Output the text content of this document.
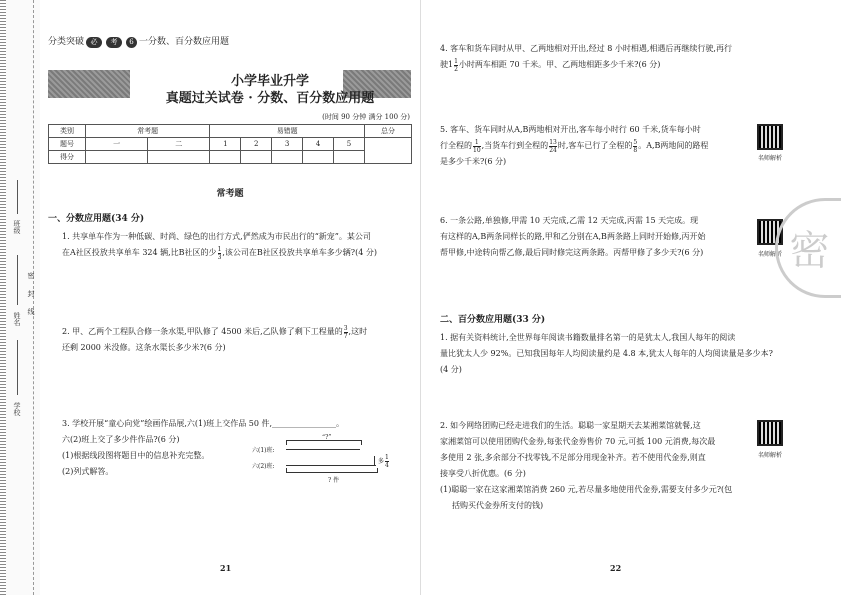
班级
姓名
学校
密
封
线
分类突破 必 考 6 一分数、百分数应用题
小学毕业升学
真题过关试卷 · 分数、百分数应用题
(时间 90 分钟 满分 100 分)
类别	常考题		易错题					总分
题号	一	二	1	2	3	4	5	
得分								
常考题
一、分数应用题(34 分)
1. 共享单车作为一种低碳、时尚、绿色的出行方式,俨然成为市民出行的“新宠”。某公司
在A社区投放共享单车 324 辆,比B社区的少 $\frac{1}{3}$ ,该公司在B社区投放共享单车多少辆?(4 分)
2. 甲、乙两个工程队合修一条水渠,甲队修了 4500 米后,乙队修了剩下工程量的 $\frac{3}{7}$ ,这时
还剩 2000 米没修。这条水渠长多少米?(6 分)
3. 学校开展“童心向党”绘画作品展,六(1)班上交作品 50 件,________________。
六(2)班上交了多少件作品?(6 分)
(1)根据线段图将题目中的信息补充完整。
(2)列式解答。
“?”
六(1)班:
六(2)班:
多 $\frac{1}{4}$
? 件
21
4. 客车和货车同时从甲、乙两地相对开出,经过 8 小时相遇,相遇后再继续行驶,再行
驶$1 \frac{1}{2}$ 小时两车相距 70 千米。甲、乙两地相距多少千米?(6 分)
5. 客车、货车同时从A,B两地相对开出,客车每小时行 60 千米,货车每小时
行全程的 $\frac{1}{10}$ ,当货车行到全程的 $\frac{13}{24}$ 时,客车已行了全程的 $\frac{5}{8}$ 。A,B两地间的路程
是多少千米?(6 分)	名师解析
6. 一条公路,单独修,甲需 10 天完成,乙需 12 天完成,丙需 15 天完成。现
有这样的A,B两条同样长的路,甲和乙分别在A,B两条路上同时开始修,丙开始
帮甲修,中途转向帮乙修,最后同时修完这两条路。丙帮甲修了多少天?(6 分)	名师解析 密
二、百分数应用题(33 分)
1. 据有关资料统计,全世界每年阅读书籍数量排名第一的是犹太人,我国人每年的阅读
量比犹太人少 92%。已知我国每年人均阅读量约是 4.8 本,犹太人每年的人均阅读量是多少本?
(4 分)
2. 如今网络团购已经走进我们的生活。聪聪一家星期天去某湘菜馆就餐,这
家湘菜馆可以使用团购代金券,每张代金券售价 70 元,可抵 100 元消费,每次最
多使用 2 张,多余部分不找零钱,不足部分用现金补齐。若不使用代金券,则直
接享受八折优惠。(6 分)
(1)聪聪一家在这家湘菜馆消费 260 元,若尽量多地使用代金券,需要支付多少元?(包
括购买代金券所支付的钱)
名师解析
22
